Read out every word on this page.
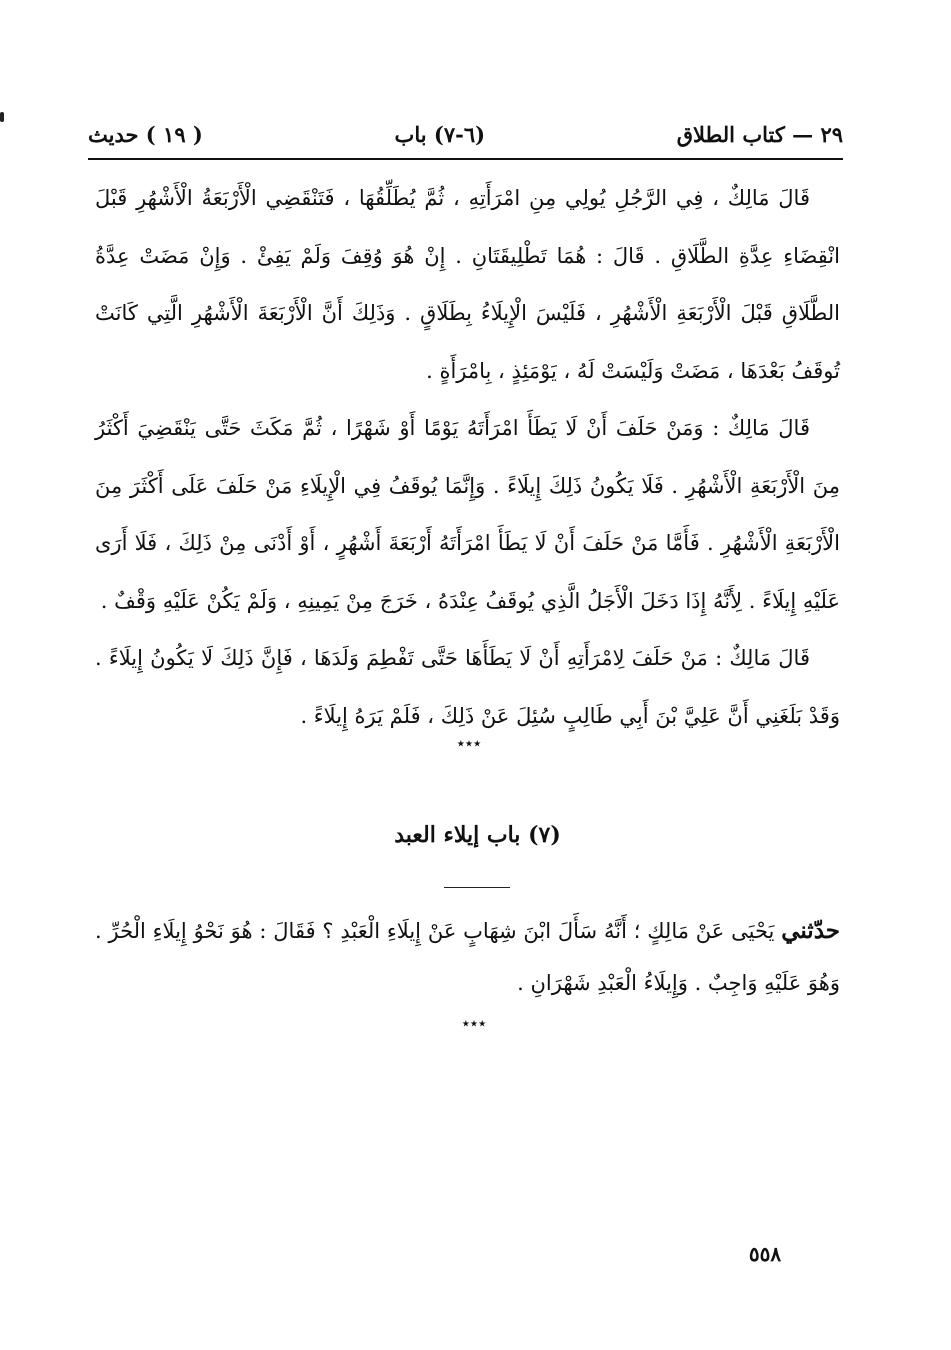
٢٩ — كتاب الطلاق
(٦-٧) باب
( ١٩ ) حديث

قَالَ مَالِكٌ ، فِي الرَّجُلِ يُولِي مِنِ امْرَأَتِهِ ، ثُمَّ يُطَلِّقُهَا ، فَتَنْقَضِي الْأَرْبَعَةُ الْأَشْهُرِ قَبْلَ انْقِضَاءِ عِدَّةِ الطَّلَاقِ . قَالَ : هُمَا تَطْلِيقَتَانِ . إِنْ هُوَ وُقِفَ وَلَمْ يَفِئْ . وَإِنْ مَضَتْ عِدَّةُ الطَّلَاقِ قَبْلَ الْأَرْبَعَةِ الْأَشْهُرِ ، فَلَيْسَ الْإِيلَاءُ بِطَلَاقٍ . وَذَلِكَ أَنَّ الْأَرْبَعَةَ الْأَشْهُرِ الَّتِي كَانَتْ تُوقَفُ بَعْدَهَا ، مَضَتْ وَلَيْسَتْ لَهُ ، يَوْمَئِذٍ ، بِامْرَأَةٍ .

قَالَ مَالِكٌ : وَمَنْ حَلَفَ أَنْ لَا يَطَأَ امْرَأَتَهُ يَوْمًا أَوْ شَهْرًا ، ثُمَّ مَكَثَ حَتَّى يَنْقَضِيَ أَكْثَرُ مِنَ الْأَرْبَعَةِ الْأَشْهُرِ . فَلَا يَكُونُ ذَلِكَ إِيلَاءً . وَإِنَّمَا يُوقَفُ فِي الْإِيلَاءِ مَنْ حَلَفَ عَلَى أَكْثَرَ مِنَ الْأَرْبَعَةِ الْأَشْهُرِ . فَأَمَّا مَنْ حَلَفَ أَنْ لَا يَطَأَ امْرَأَتَهُ أَرْبَعَةَ أَشْهُرٍ ، أَوْ أَدْنَى مِنْ ذَلِكَ ، فَلَا أَرَى عَلَيْهِ إِيلَاءً . لِأَنَّهُ إِذَا دَخَلَ الْأَجَلُ الَّذِي يُوقَفُ عِنْدَهُ ، خَرَجَ مِنْ يَمِينِهِ ، وَلَمْ يَكُنْ عَلَيْهِ وَقْفٌ .

قَالَ مَالِكٌ : مَنْ حَلَفَ لِامْرَأَتِهِ أَنْ لَا يَطَأَهَا حَتَّى تَفْطِمَ وَلَدَهَا ، فَإِنَّ ذَلِكَ لَا يَكُونُ إِيلَاءً . وَقَدْ بَلَغَنِي أَنَّ عَلِيَّ بْنَ أَبِي طَالِبٍ سُئِلَ عَنْ ذَلِكَ ، فَلَمْ يَرَهُ إِيلَاءً .

٭٭٭
(٧) باب إيلاء العبد

حدّثني يَحْيَى عَنْ مَالِكٍ ؛ أَنَّهُ سَأَلَ ابْنَ شِهَابٍ عَنْ إِيلَاءِ الْعَبْدِ ؟ فَقَالَ : هُوَ نَحْوُ إِيلَاءِ الْحُرِّ . وَهُوَ عَلَيْهِ وَاجِبٌ . وَإِيلَاءُ الْعَبْدِ شَهْرَانِ .

٭٭٭
٥٥٨
